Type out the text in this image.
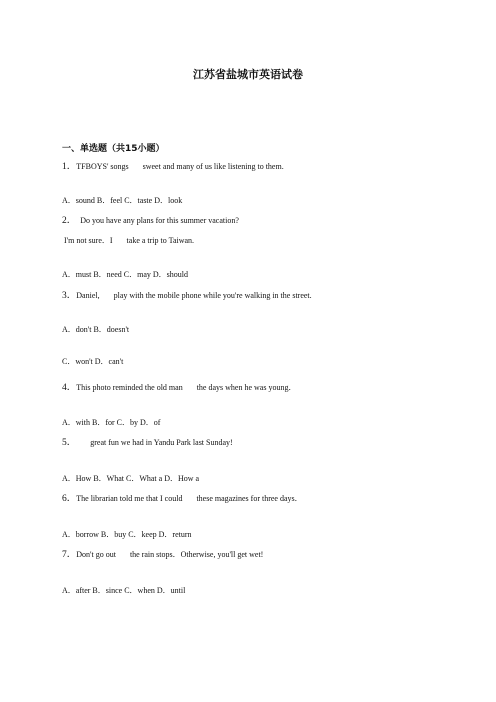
江苏省盐城市英语试卷
一、单选题（共15小题）
1．TFBOYS' songs sweet and many of us like listening to them.
A．sound B．feel C．taste D．look
2． Do you have any plans for this summer vacation?
I'm not sure．I take a trip to Taiwan.
A．must B．need C．may D．should
3．Daniel, play with the mobile phone while you're walking in the street.
A．don't B．doesn't
C．won't D．can't
4．This photo reminded the old man the days when he was young．
A．with B．for C．by D．of
5． great fun we had in Yandu Park last Sunday!
A．How B．What C．What a D．How a
6．The librarian told me that I could these magazines for three days．
A．borrow B．buy C．keep D．return
7．Don't go out the rain stops．Otherwise, you'll get wet!
A．after B．since C．when D．until
